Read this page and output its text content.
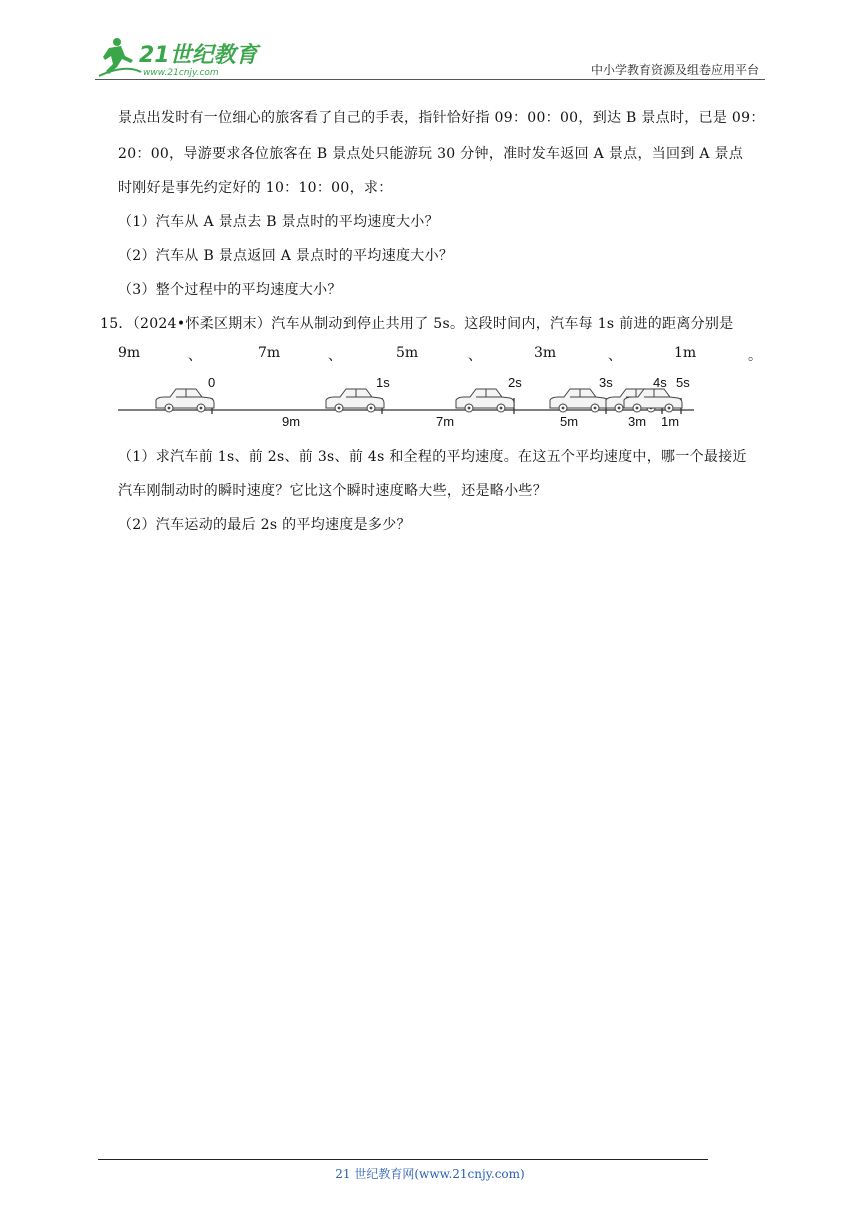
21世纪教育
www.21cnjy.com	中小学教育资源及组卷应用平台
景点出发时有一位细心的旅客看了自己的手表，指针恰好指 09：00：00，到达 B 景点时，已是 09：
20：00，导游要求各位旅客在 B 景点处只能游玩 30 分钟，准时发车返回 A 景点，当回到 A 景点
时刚好是事先约定好的 10：10：00，求：
（1）汽车从 A 景点去 B 景点时的平均速度大小？
（2）汽车从 B 景点返回 A 景点时的平均速度大小？
（3）整个过程中的平均速度大小？
15．（2024•怀柔区期末）汽车从制动到停止共用了 5s。这段时间内，汽车每 1s 前进的距离分别是
9m	、	7m	、	5m	、	3m	、	1m	。
0	1s	2s	3s	4s 5s
9m	7m	5m	3m 1m
（1）求汽车前 1s、前 2s、前 3s、前 4s 和全程的平均速度。在这五个平均速度中，哪一个最接近
汽车刚制动时的瞬时速度？它比这个瞬时速度略大些，还是略小些？
（2）汽车运动的最后 2s 的平均速度是多少？
21 世纪教育网(www.21cnjy.com)
